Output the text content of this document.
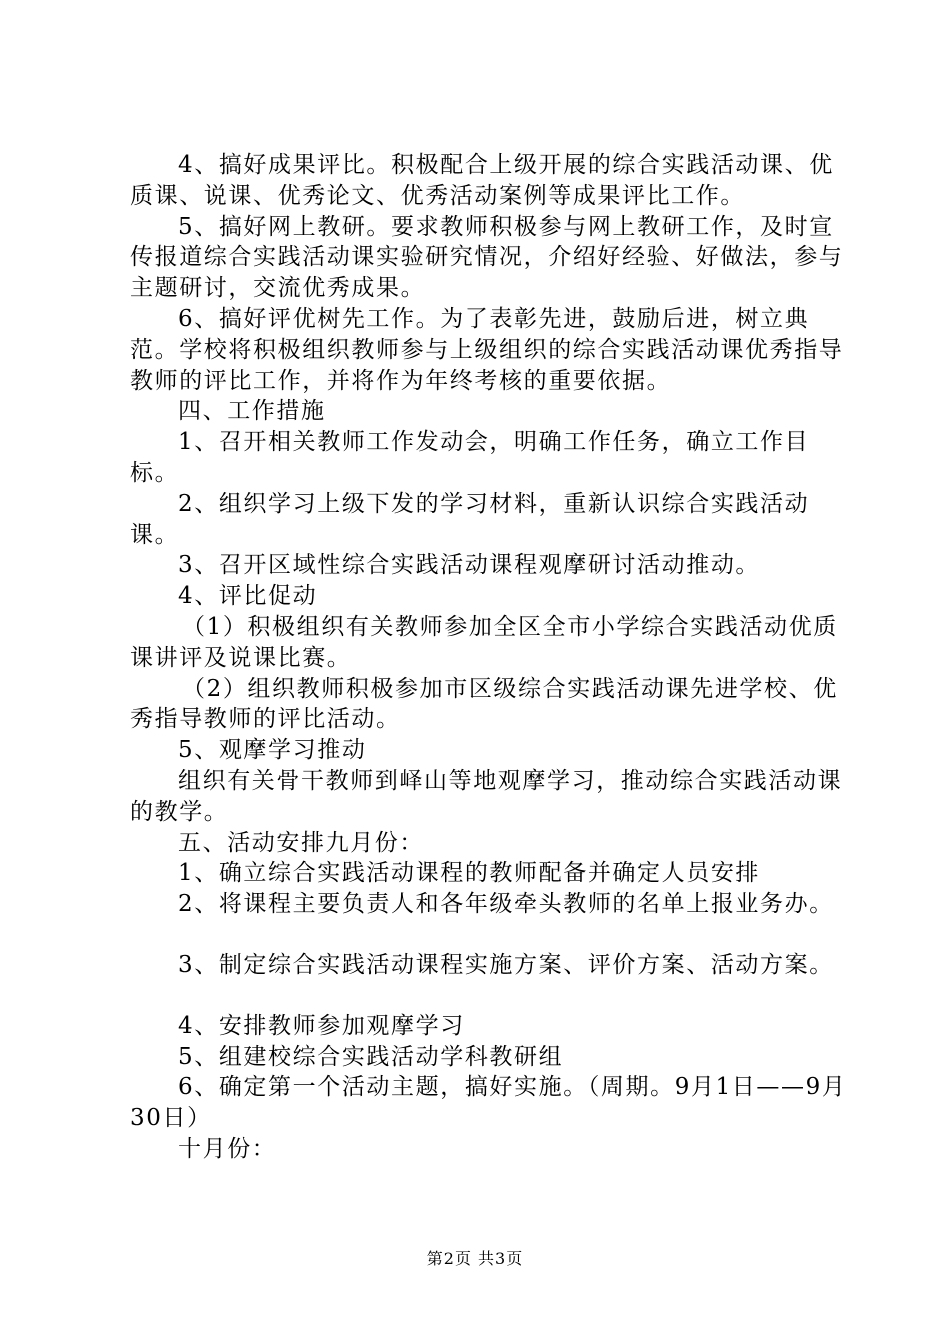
4、搞好成果评比。积极配合上级开展的综合实践活动课、优质课、说课、优秀论文、优秀活动案例等成果评比工作。

5、搞好网上教研。要求教师积极参与网上教研工作，及时宣传报道综合实践活动课实验研究情况，介绍好经验、好做法，参与主题研讨，交流优秀成果。

6、搞好评优树先工作。为了表彰先进，鼓励后进，树立典范。学校将积极组织教师参与上级组织的综合实践活动课优秀指导教师的评比工作，并将作为年终考核的重要依据。

四、工作措施

1、召开相关教师工作发动会，明确工作任务，确立工作目标。

2、组织学习上级下发的学习材料，重新认识综合实践活动课。

3、召开区域性综合实践活动课程观摩研讨活动推动。

4、评比促动

（1）积极组织有关教师参加全区全市小学综合实践活动优质课讲评及说课比赛。

（2）组织教师积极参加市区级综合实践活动课先进学校、优秀指导教师的评比活动。

5、观摩学习推动

组织有关骨干教师到峄山等地观摩学习，推动综合实践活动课的教学。

五、活动安排九月份：

1、确立综合实践活动课程的教师配备并确定人员安排

2、将课程主要负责人和各年级牵头教师的名单上报业务办。

3、制定综合实践活动课程实施方案、评价方案、活动方案。

4、安排教师参加观摩学习

5、组建校综合实践活动学科教研组

6、确定第一个活动主题，搞好实施。（周期。9月1日——9月30日）

十月份：

第2页 共3页
